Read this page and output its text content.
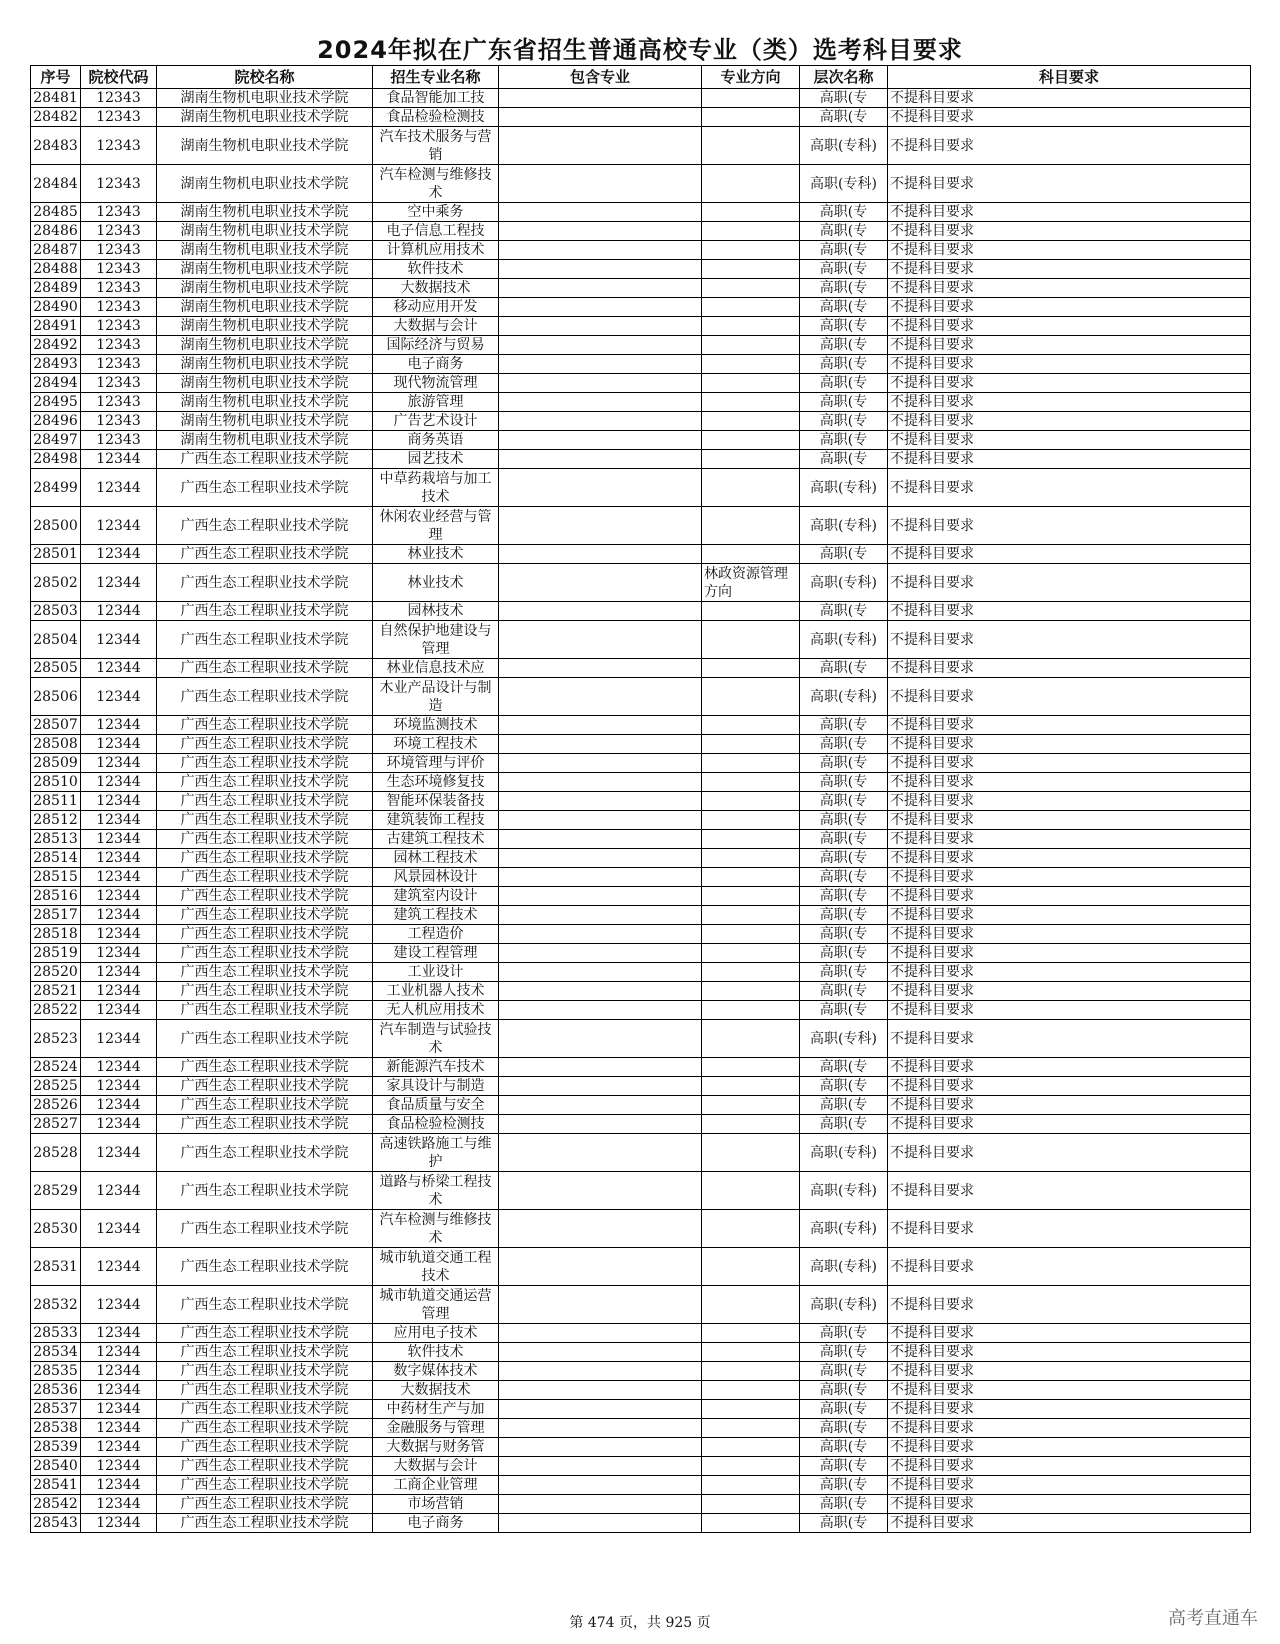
2024年拟在广东省招生普通高校专业（类）选考科目要求
序号	院校代码	院校名称	招生专业名称	包含专业	专业方向	层次名称	科目要求
28481	12343	湖南生物机电职业技术学院	食品智能加工技			高职(专	不提科目要求
28482	12343	湖南生物机电职业技术学院	食品检验检测技			高职(专	不提科目要求
28483	12343	湖南生物机电职业技术学院	汽车技术服务与营销			高职(专科)	不提科目要求
28484	12343	湖南生物机电职业技术学院	汽车检测与维修技术			高职(专科)	不提科目要求
28485	12343	湖南生物机电职业技术学院	空中乘务			高职(专	不提科目要求
28486	12343	湖南生物机电职业技术学院	电子信息工程技			高职(专	不提科目要求
28487	12343	湖南生物机电职业技术学院	计算机应用技术			高职(专	不提科目要求
28488	12343	湖南生物机电职业技术学院	软件技术			高职(专	不提科目要求
28489	12343	湖南生物机电职业技术学院	大数据技术			高职(专	不提科目要求
28490	12343	湖南生物机电职业技术学院	移动应用开发			高职(专	不提科目要求
28491	12343	湖南生物机电职业技术学院	大数据与会计			高职(专	不提科目要求
28492	12343	湖南生物机电职业技术学院	国际经济与贸易			高职(专	不提科目要求
28493	12343	湖南生物机电职业技术学院	电子商务			高职(专	不提科目要求
28494	12343	湖南生物机电职业技术学院	现代物流管理			高职(专	不提科目要求
28495	12343	湖南生物机电职业技术学院	旅游管理			高职(专	不提科目要求
28496	12343	湖南生物机电职业技术学院	广告艺术设计			高职(专	不提科目要求
28497	12343	湖南生物机电职业技术学院	商务英语			高职(专	不提科目要求
28498	12344	广西生态工程职业技术学院	园艺技术			高职(专	不提科目要求
28499	12344	广西生态工程职业技术学院	中草药栽培与加工技术			高职(专科)	不提科目要求
28500	12344	广西生态工程职业技术学院	休闲农业经营与管理			高职(专科)	不提科目要求
28501	12344	广西生态工程职业技术学院	林业技术			高职(专	不提科目要求
28502	12344	广西生态工程职业技术学院	林业技术		林政资源管理方向	高职(专科)	不提科目要求
28503	12344	广西生态工程职业技术学院	园林技术			高职(专	不提科目要求
28504	12344	广西生态工程职业技术学院	自然保护地建设与管理			高职(专科)	不提科目要求
28505	12344	广西生态工程职业技术学院	林业信息技术应			高职(专	不提科目要求
28506	12344	广西生态工程职业技术学院	木业产品设计与制造			高职(专科)	不提科目要求
28507	12344	广西生态工程职业技术学院	环境监测技术			高职(专	不提科目要求
28508	12344	广西生态工程职业技术学院	环境工程技术			高职(专	不提科目要求
28509	12344	广西生态工程职业技术学院	环境管理与评价			高职(专	不提科目要求
28510	12344	广西生态工程职业技术学院	生态环境修复技			高职(专	不提科目要求
28511	12344	广西生态工程职业技术学院	智能环保装备技			高职(专	不提科目要求
28512	12344	广西生态工程职业技术学院	建筑装饰工程技			高职(专	不提科目要求
28513	12344	广西生态工程职业技术学院	古建筑工程技术			高职(专	不提科目要求
28514	12344	广西生态工程职业技术学院	园林工程技术			高职(专	不提科目要求
28515	12344	广西生态工程职业技术学院	风景园林设计			高职(专	不提科目要求
28516	12344	广西生态工程职业技术学院	建筑室内设计			高职(专	不提科目要求
28517	12344	广西生态工程职业技术学院	建筑工程技术			高职(专	不提科目要求
28518	12344	广西生态工程职业技术学院	工程造价			高职(专	不提科目要求
28519	12344	广西生态工程职业技术学院	建设工程管理			高职(专	不提科目要求
28520	12344	广西生态工程职业技术学院	工业设计			高职(专	不提科目要求
28521	12344	广西生态工程职业技术学院	工业机器人技术			高职(专	不提科目要求
28522	12344	广西生态工程职业技术学院	无人机应用技术			高职(专	不提科目要求
28523	12344	广西生态工程职业技术学院	汽车制造与试验技术			高职(专科)	不提科目要求
28524	12344	广西生态工程职业技术学院	新能源汽车技术			高职(专	不提科目要求
28525	12344	广西生态工程职业技术学院	家具设计与制造			高职(专	不提科目要求
28526	12344	广西生态工程职业技术学院	食品质量与安全			高职(专	不提科目要求
28527	12344	广西生态工程职业技术学院	食品检验检测技			高职(专	不提科目要求
28528	12344	广西生态工程职业技术学院	高速铁路施工与维护			高职(专科)	不提科目要求
28529	12344	广西生态工程职业技术学院	道路与桥梁工程技术			高职(专科)	不提科目要求
28530	12344	广西生态工程职业技术学院	汽车检测与维修技术			高职(专科)	不提科目要求
28531	12344	广西生态工程职业技术学院	城市轨道交通工程技术			高职(专科)	不提科目要求
28532	12344	广西生态工程职业技术学院	城市轨道交通运营管理			高职(专科)	不提科目要求
28533	12344	广西生态工程职业技术学院	应用电子技术			高职(专	不提科目要求
28534	12344	广西生态工程职业技术学院	软件技术			高职(专	不提科目要求
28535	12344	广西生态工程职业技术学院	数字媒体技术			高职(专	不提科目要求
28536	12344	广西生态工程职业技术学院	大数据技术			高职(专	不提科目要求
28537	12344	广西生态工程职业技术学院	中药材生产与加			高职(专	不提科目要求
28538	12344	广西生态工程职业技术学院	金融服务与管理			高职(专	不提科目要求
28539	12344	广西生态工程职业技术学院	大数据与财务管			高职(专	不提科目要求
28540	12344	广西生态工程职业技术学院	大数据与会计			高职(专	不提科目要求
28541	12344	广西生态工程职业技术学院	工商企业管理			高职(专	不提科目要求
28542	12344	广西生态工程职业技术学院	市场营销			高职(专	不提科目要求
28543	12344	广西生态工程职业技术学院	电子商务			高职(专	不提科目要求
第 474 页，共 925 页	高考直通车
